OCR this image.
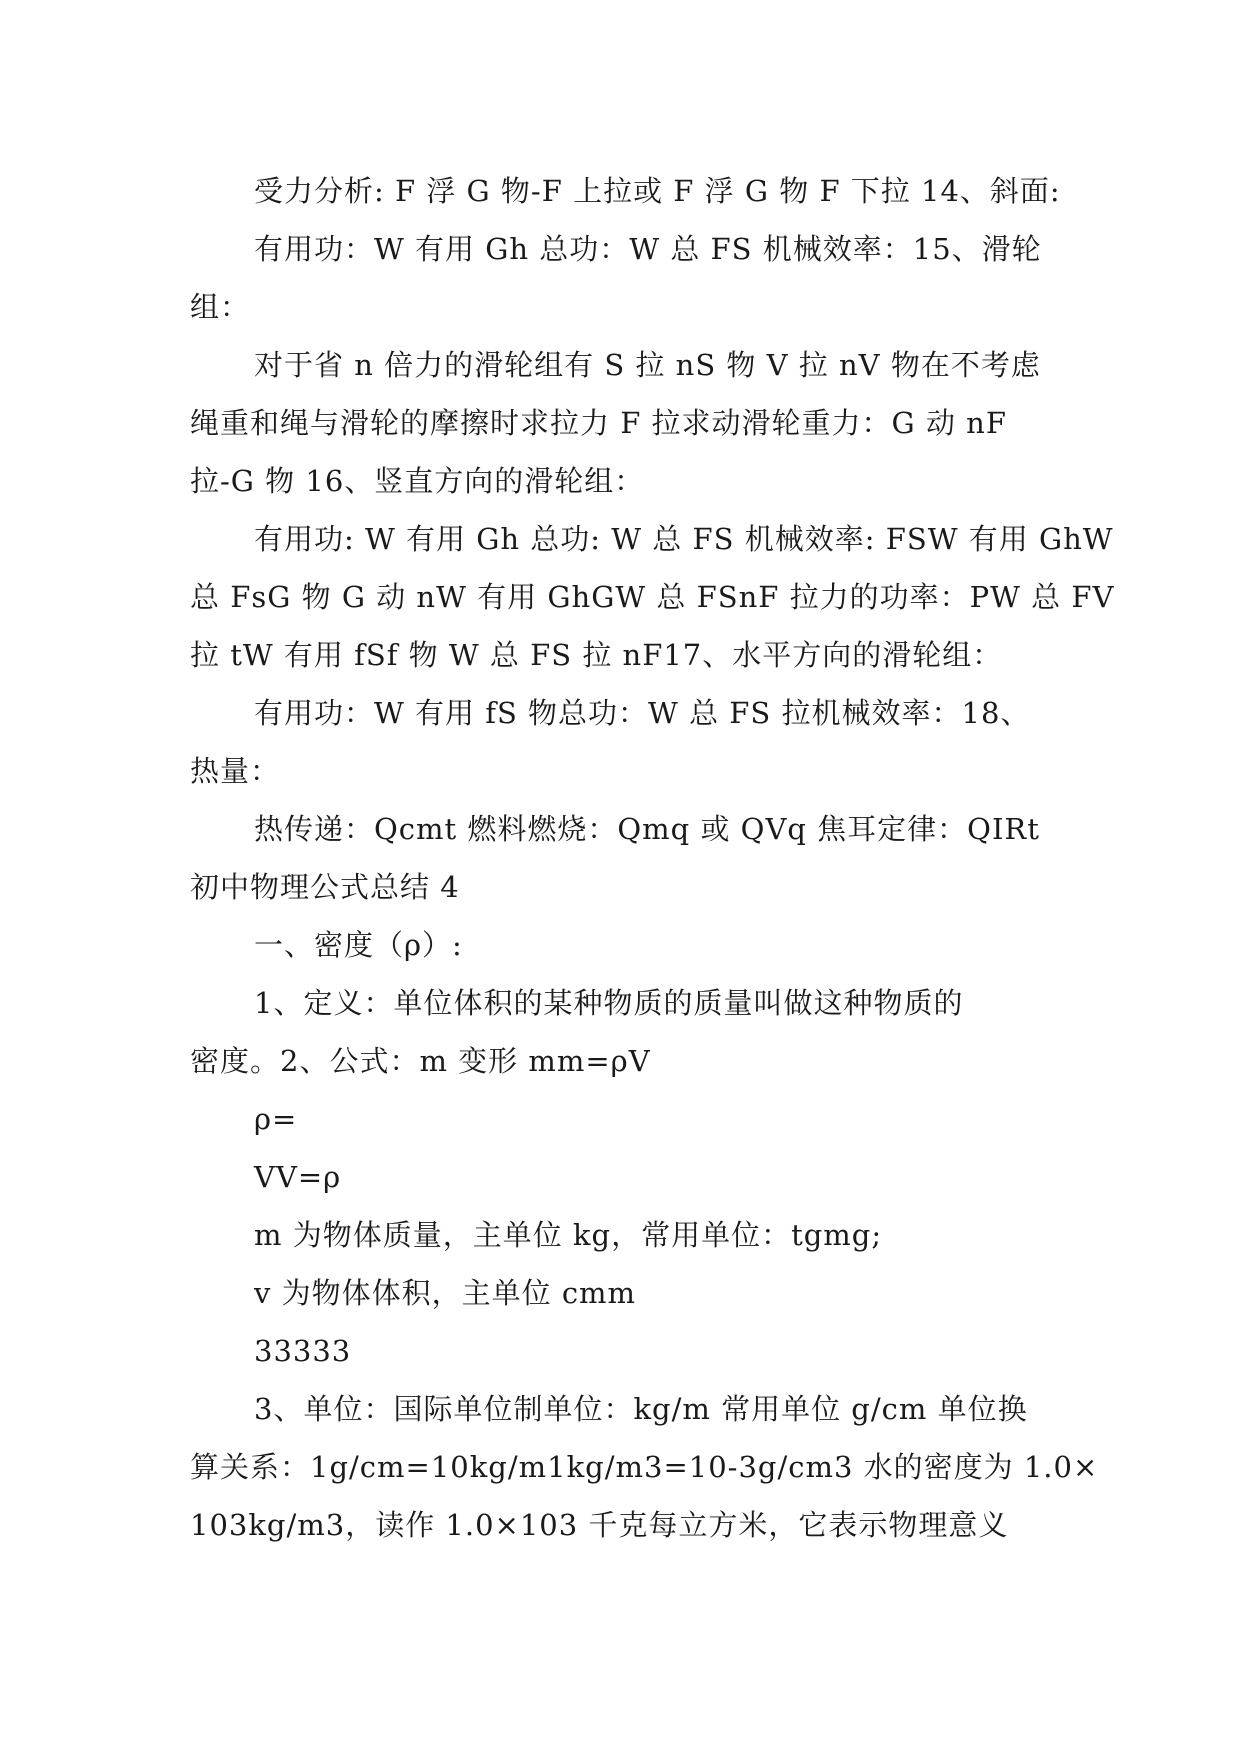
受力分析: F 浮 G 物-F 上拉或 F 浮 G 物 F 下拉 14、斜面:
有用功：W 有用 Gh 总功：W 总 FS 机械效率：15、滑轮
组：
对于省 n 倍力的滑轮组有 S 拉 nS 物 V 拉 nV 物在不考虑
绳重和绳与滑轮的摩擦时求拉力 F 拉求动滑轮重力：G 动 nF
拉-G 物 16、竖直方向的滑轮组：
有用功: W 有用 Gh 总功: W 总 FS 机械效率: FSW 有用 GhW
总 FsG 物 G 动 nW 有用 GhGW 总 FSnF 拉力的功率：PW 总 FV
拉 tW 有用 fSf 物 W 总 FS 拉 nF17、水平方向的滑轮组：
有用功：W 有用 fS 物总功：W 总 FS 拉机械效率：18、
热量：
热传递：Qcmt 燃料燃烧：Qmq 或 QVq 焦耳定律：QIRt
初中物理公式总结 4
一、密度（ρ）:
1、定义：单位体积的某种物质的质量叫做这种物质的
密度。2、公式：m 变形 mm=ρV
ρ=
VV=ρ
m 为物体质量，主单位 kg，常用单位：tgmg;
v 为物体体积，主单位 cmm
33333
3、单位：国际单位制单位：kg/m 常用单位 g/cm 单位换
算关系：1g/cm=10kg/m1kg/m3=10-3g/cm3 水的密度为 1.0×
103kg/m3，读作 1.0×103 千克每立方米，它表示物理意义
